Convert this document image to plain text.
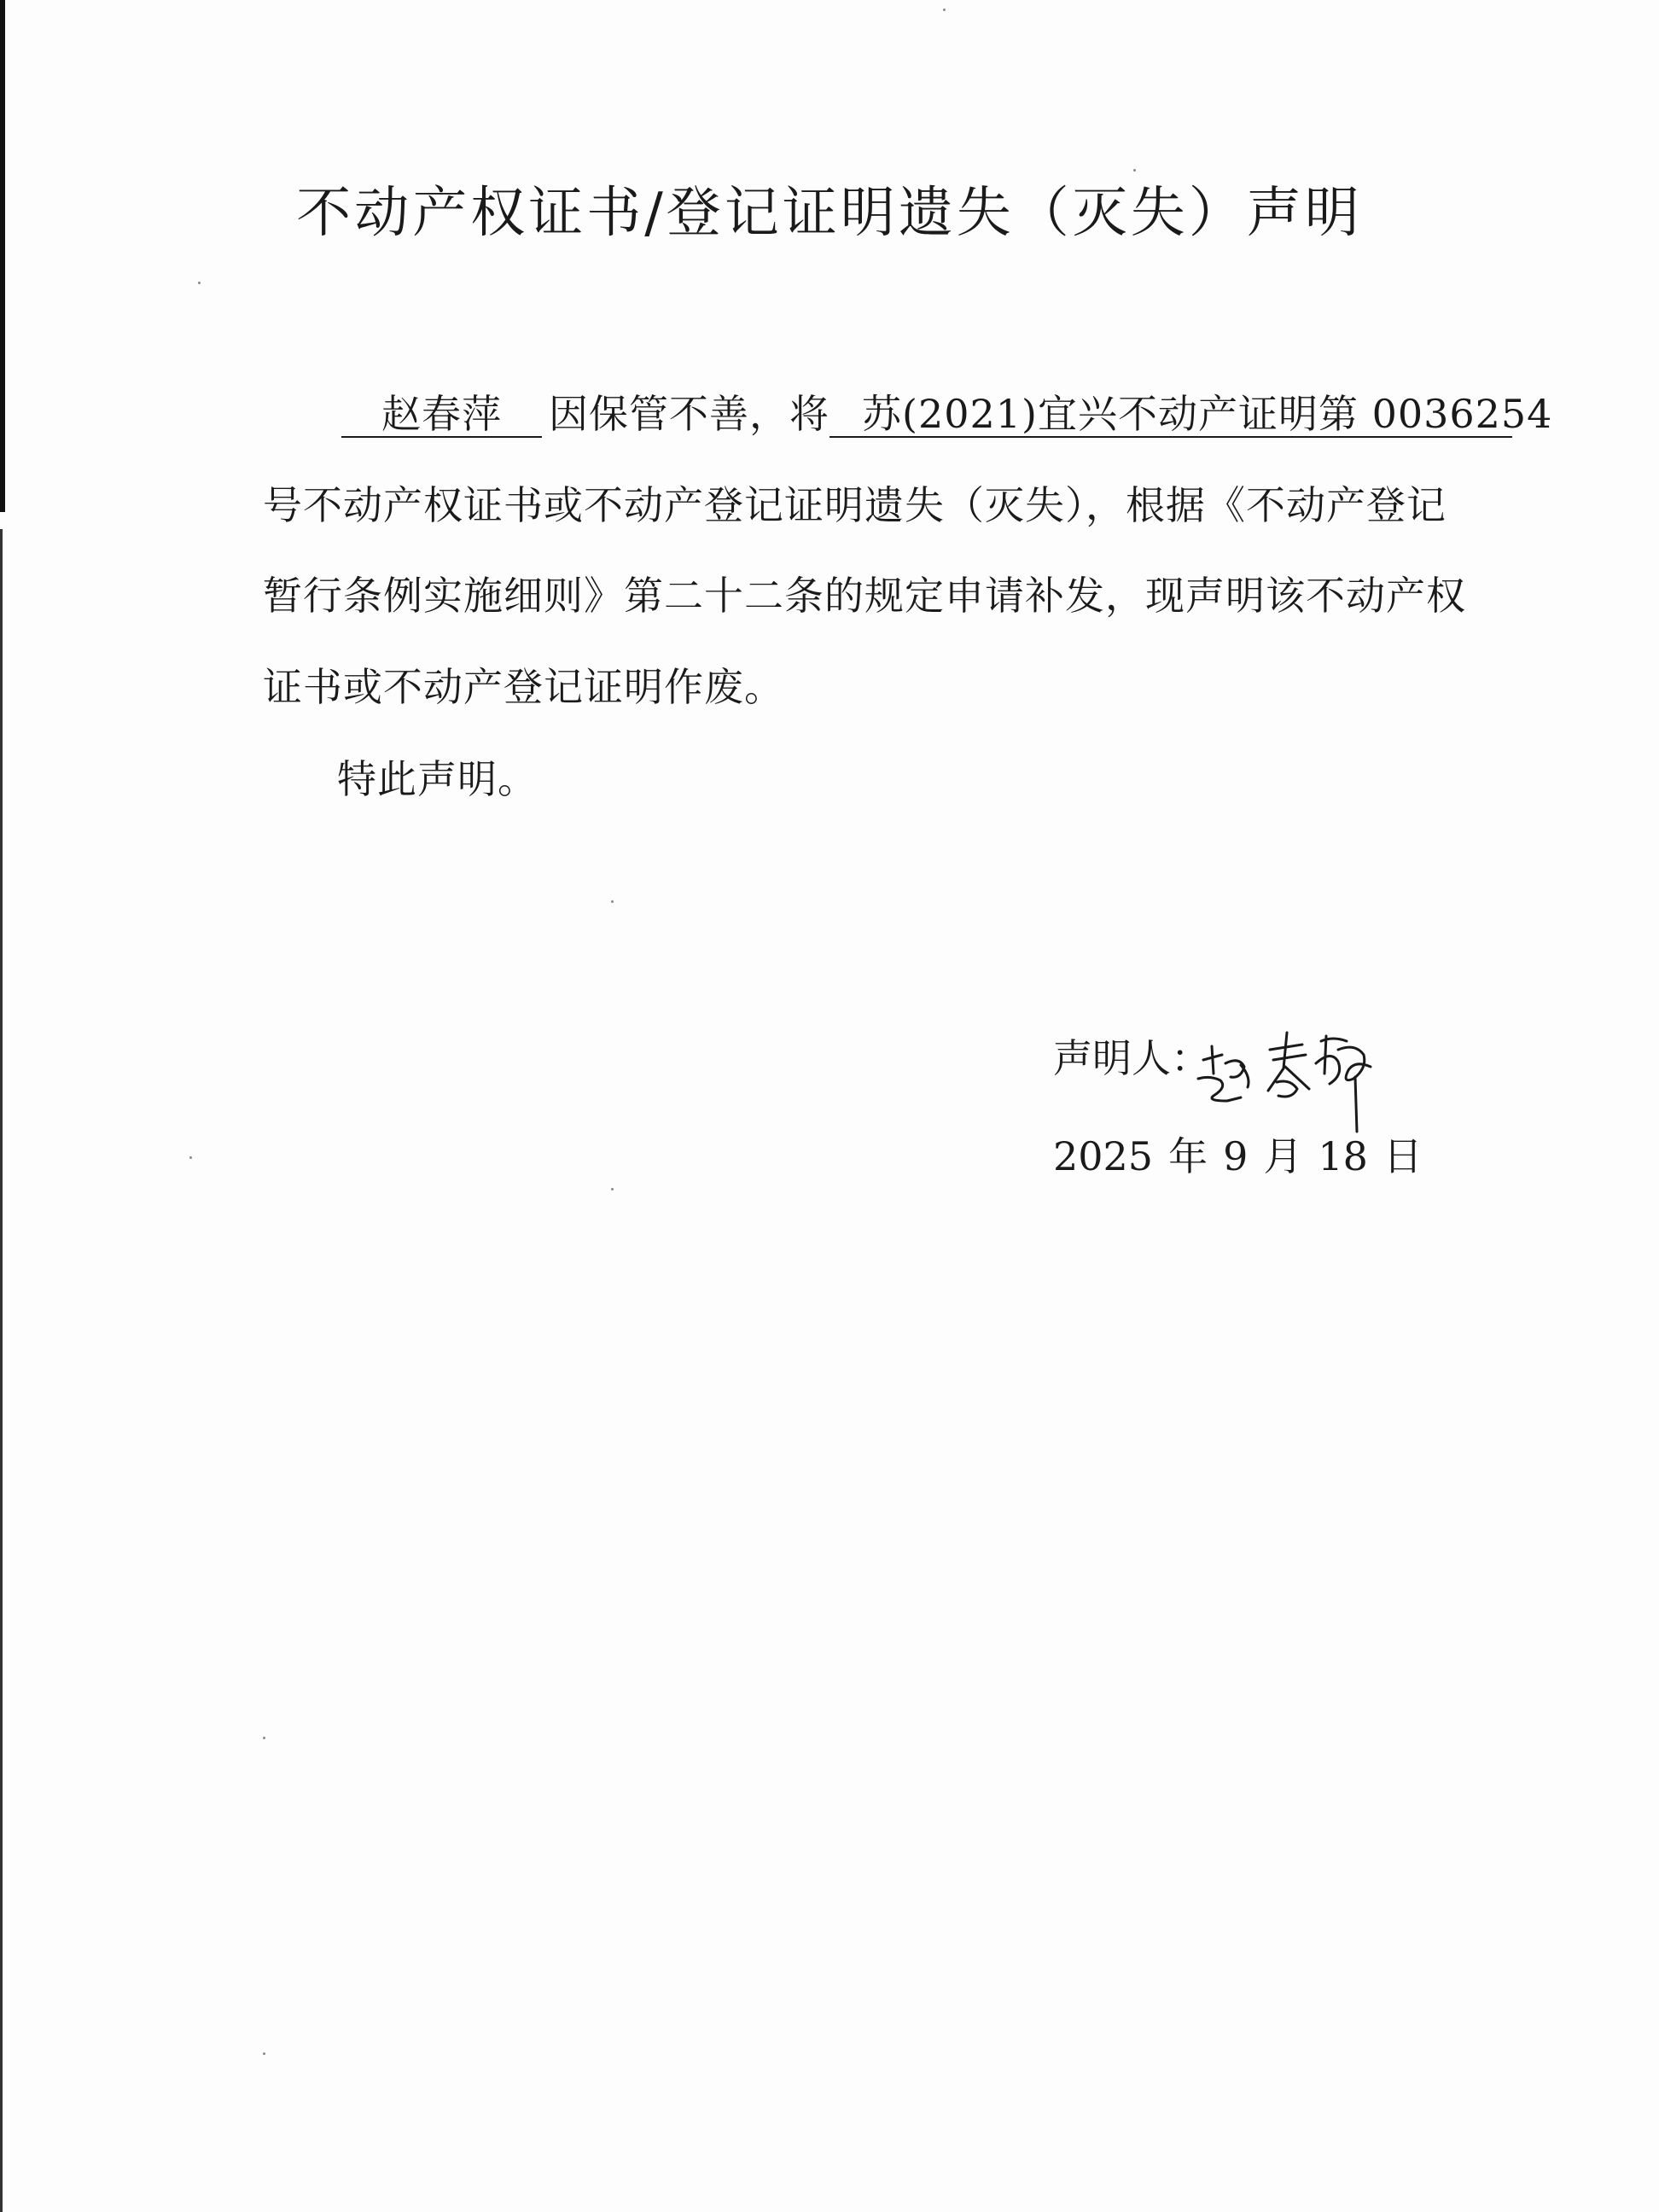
不动产权证书/登记证明遗失（灭失）声明
赵春萍 因保管不善，将 苏(2021)宜兴不动产证明第 0036254
号不动产权证书或不动产登记证明遗失（灭失），根据《不动产登记
暂行条例实施细则》第二十二条的规定申请补发，现声明该不动产权
证书或不动产登记证明作废。
特此声明。
声明人：
2025 年 9 月 18 日
